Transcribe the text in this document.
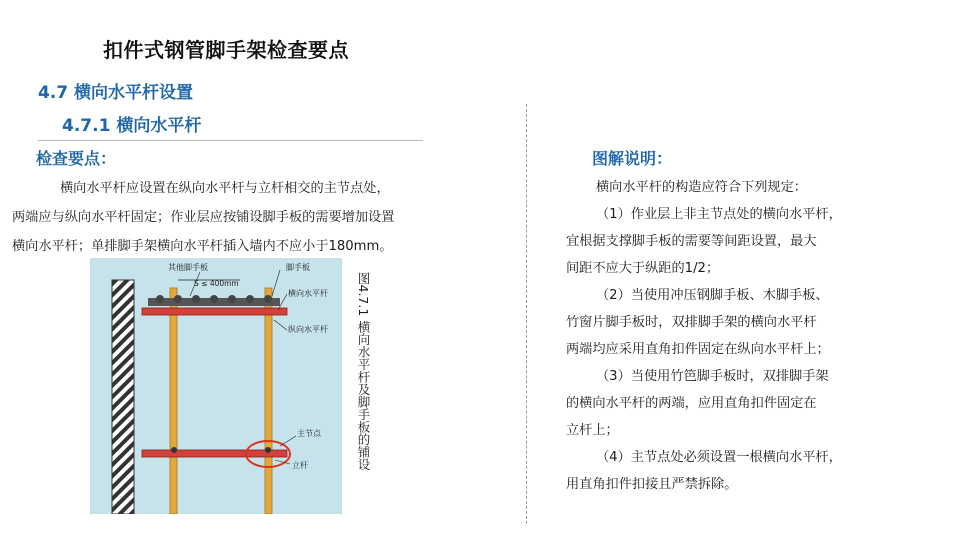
扣件式钢管脚手架检查要点
4.7 横向水平杆设置
4.7.1 横向水平杆
检查要点：

横向水平杆应设置在纵向水平杆与立杆相交的主节点处，

两端应与纵向水平杆固定；作业层应按铺设脚手板的需要增加设置

横向水平杆；单排脚手架横向水平杆插入墙内不应小于180mm。

图解说明：

横向水平杆的构造应符合下列规定：

（1）作业层上非主节点处的横向水平杆，

宜根据支撑脚手板的需要等间距设置，最大

间距不应大于纵距的1/2；

（2）当使用冲压钢脚手板、木脚手板、

竹窗片脚手板时，双排脚手架的横向水平杆

两端均应采用直角扣件固定在纵向水平杆上；

（3）当使用竹笆脚手板时，双排脚手架

的横向水平杆的两端，应用直角扣件固定在

立杆上；

（4）主节点处必须设置一根横向水平杆，

用直角扣件扣接且严禁拆除。

其他脚手板	脚手板
S ≤ 400mm
横向水平杆
纵向水平杆
主节点
立杆	图4.7.1 横向水平杆及脚手板的铺设
